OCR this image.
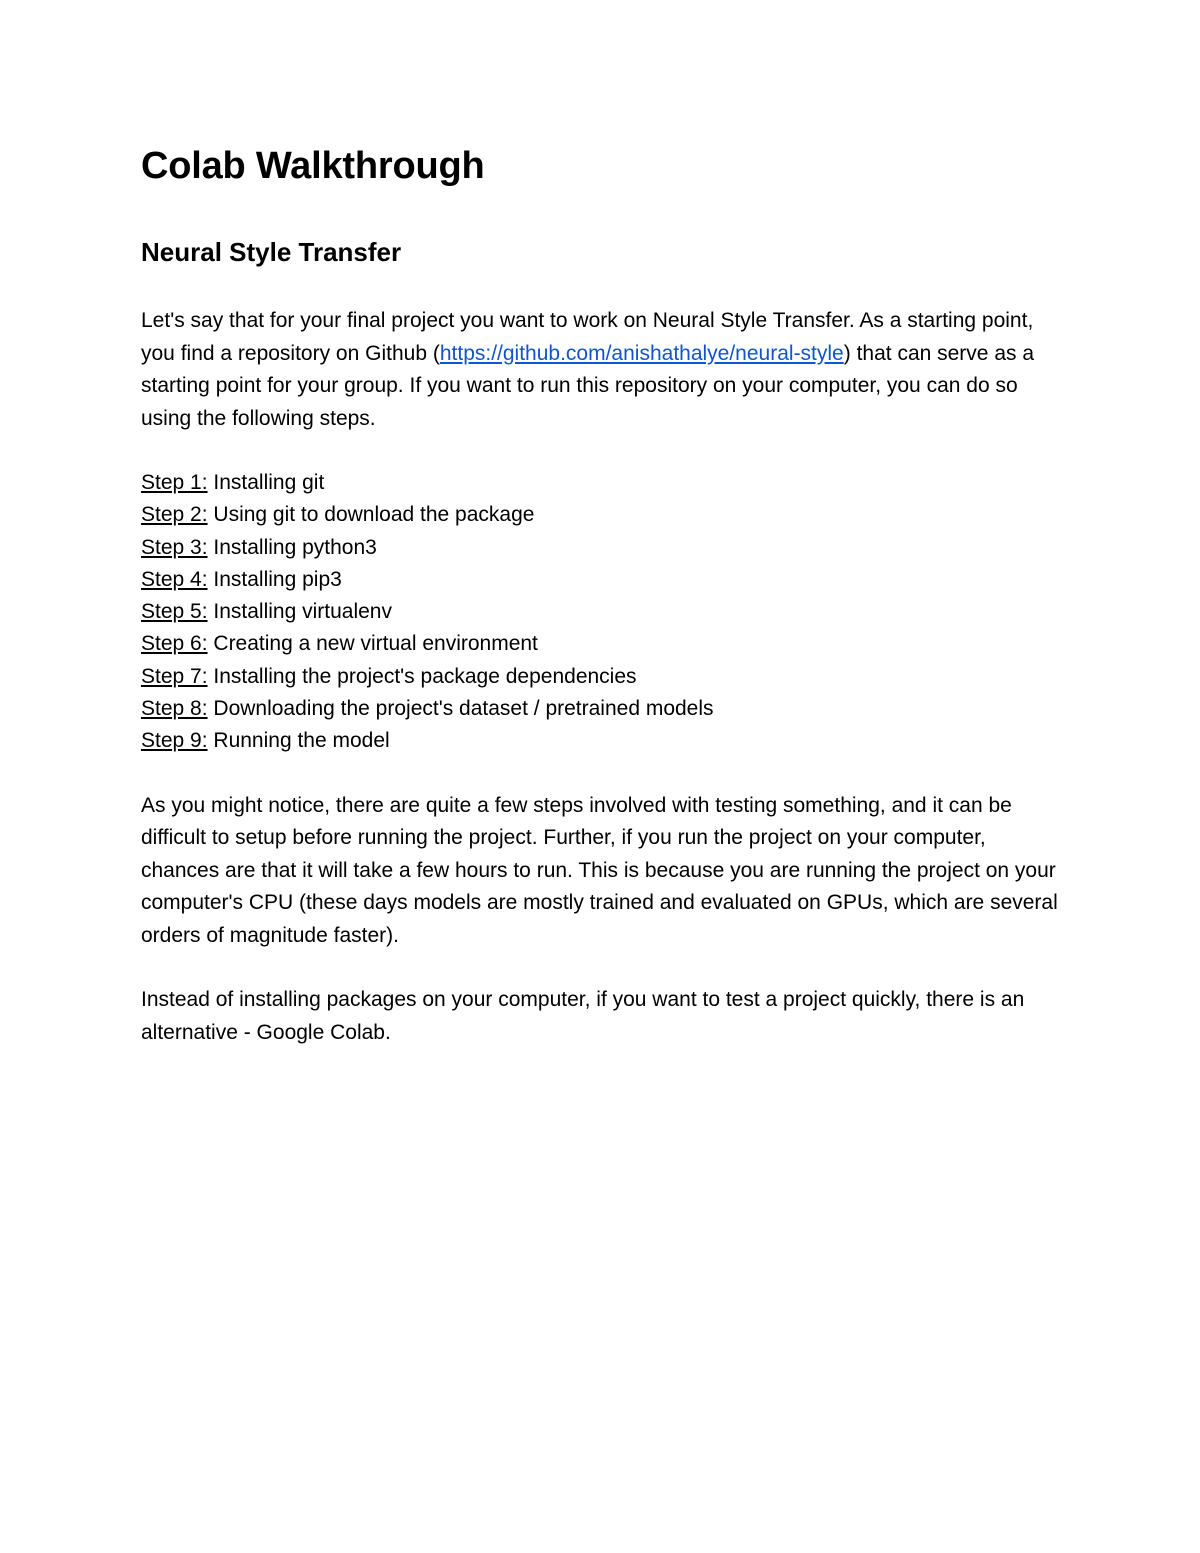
Colab Walkthrough
Neural Style Transfer

Let's say that for your final project you want to work on Neural Style Transfer. As a starting point, you find a repository on Github (https://github.com/anishathalye/neural-style) that can serve as a starting point for your group. If you want to run this repository on your computer, you can do so using the following steps.

Step 1: Installing git
Step 2: Using git to download the package
Step 3: Installing python3
Step 4: Installing pip3
Step 5: Installing virtualenv
Step 6: Creating a new virtual environment
Step 7: Installing the project's package dependencies
Step 8: Downloading the project's dataset / pretrained models
Step 9: Running the model

As you might notice, there are quite a few steps involved with testing something, and it can be difficult to setup before running the project. Further, if you run the project on your computer, chances are that it will take a few hours to run. This is because you are running the project on your computer's CPU (these days models are mostly trained and evaluated on GPUs, which are several orders of magnitude faster).

Instead of installing packages on your computer, if you want to test a project quickly, there is an alternative - Google Colab.
